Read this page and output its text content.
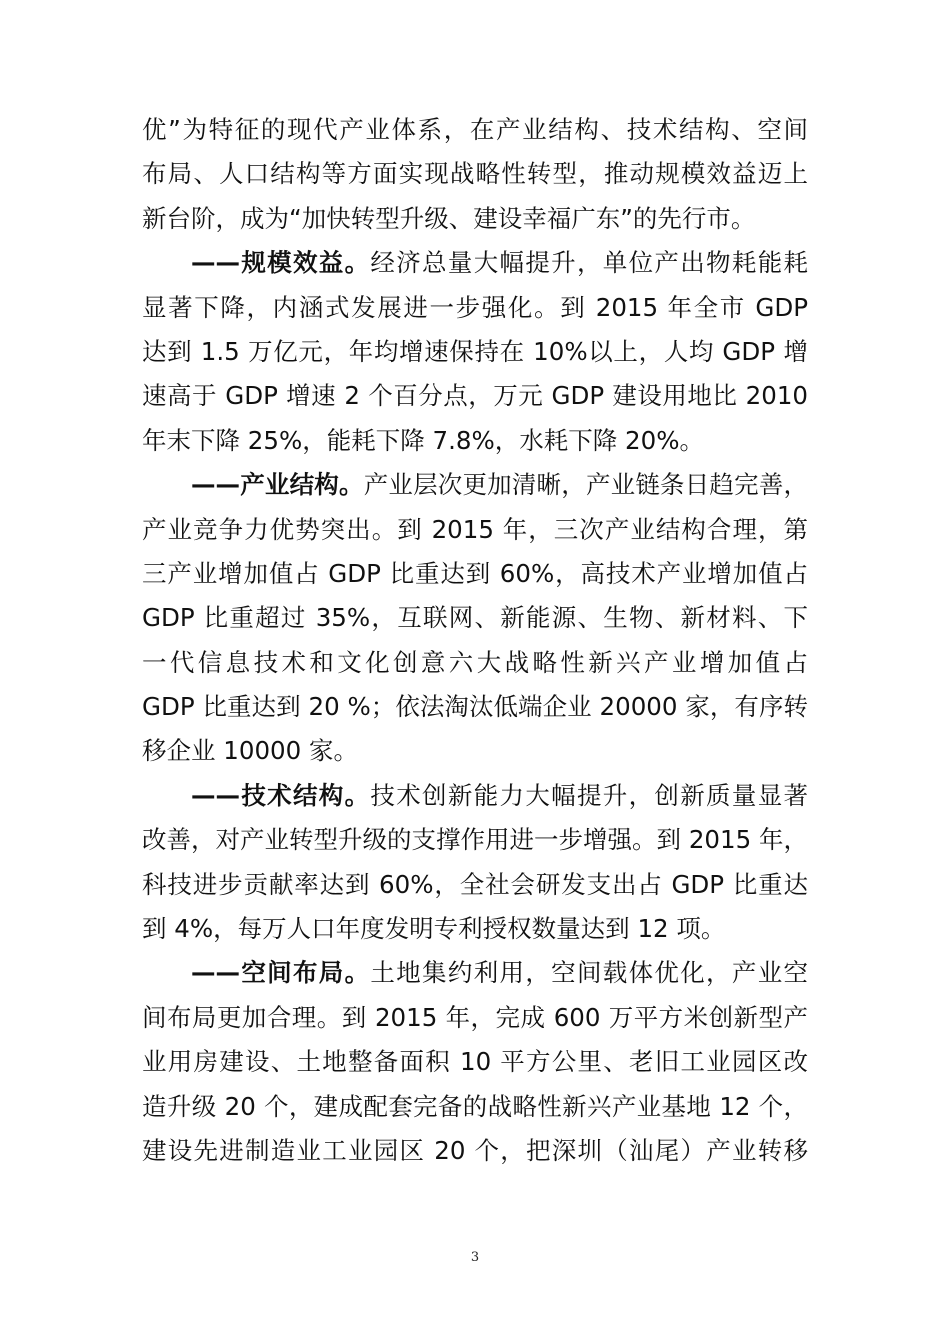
优”为特征的现代产业体系，在产业结构、技术结构、空间
布局、人口结构等方面实现战略性转型，推动规模效益迈上
新台阶，成为“加快转型升级、建设幸福广东”的先行市。
——规模效益。经济总量大幅提升，单位产出物耗能耗
显著下降，内涵式发展进一步强化。到 2015 年全市 GDP
达到 1.5 万亿元，年均增速保持在 10%以上，人均 GDP 增
速高于 GDP 增速 2 个百分点，万元 GDP 建设用地比 2010
年末下降 25%，能耗下降 7.8%，水耗下降 20%。
——产业结构。产业层次更加清晰，产业链条日趋完善，
产业竞争力优势突出。到 2015 年，三次产业结构合理，第
三产业增加值占 GDP 比重达到 60%，高技术产业增加值占
GDP 比重超过 35%，互联网、新能源、生物、新材料、下
一代信息技术和文化创意六大战略性新兴产业增加值占
GDP 比重达到 20 %；依法淘汰低端企业 20000 家，有序转
移企业 10000 家。
——技术结构。技术创新能力大幅提升，创新质量显著
改善，对产业转型升级的支撑作用进一步增强。到 2015 年，
科技进步贡献率达到 60%，全社会研发支出占 GDP 比重达
到 4%，每万人口年度发明专利授权数量达到 12 项。
——空间布局。土地集约利用，空间载体优化，产业空
间布局更加合理。到 2015 年，完成 600 万平方米创新型产
业用房建设、土地整备面积 10 平方公里、老旧工业园区改
造升级 20 个，建成配套完备的战略性新兴产业基地 12 个，
建设先进制造业工业园区 20 个，把深圳（汕尾）产业转移
3
